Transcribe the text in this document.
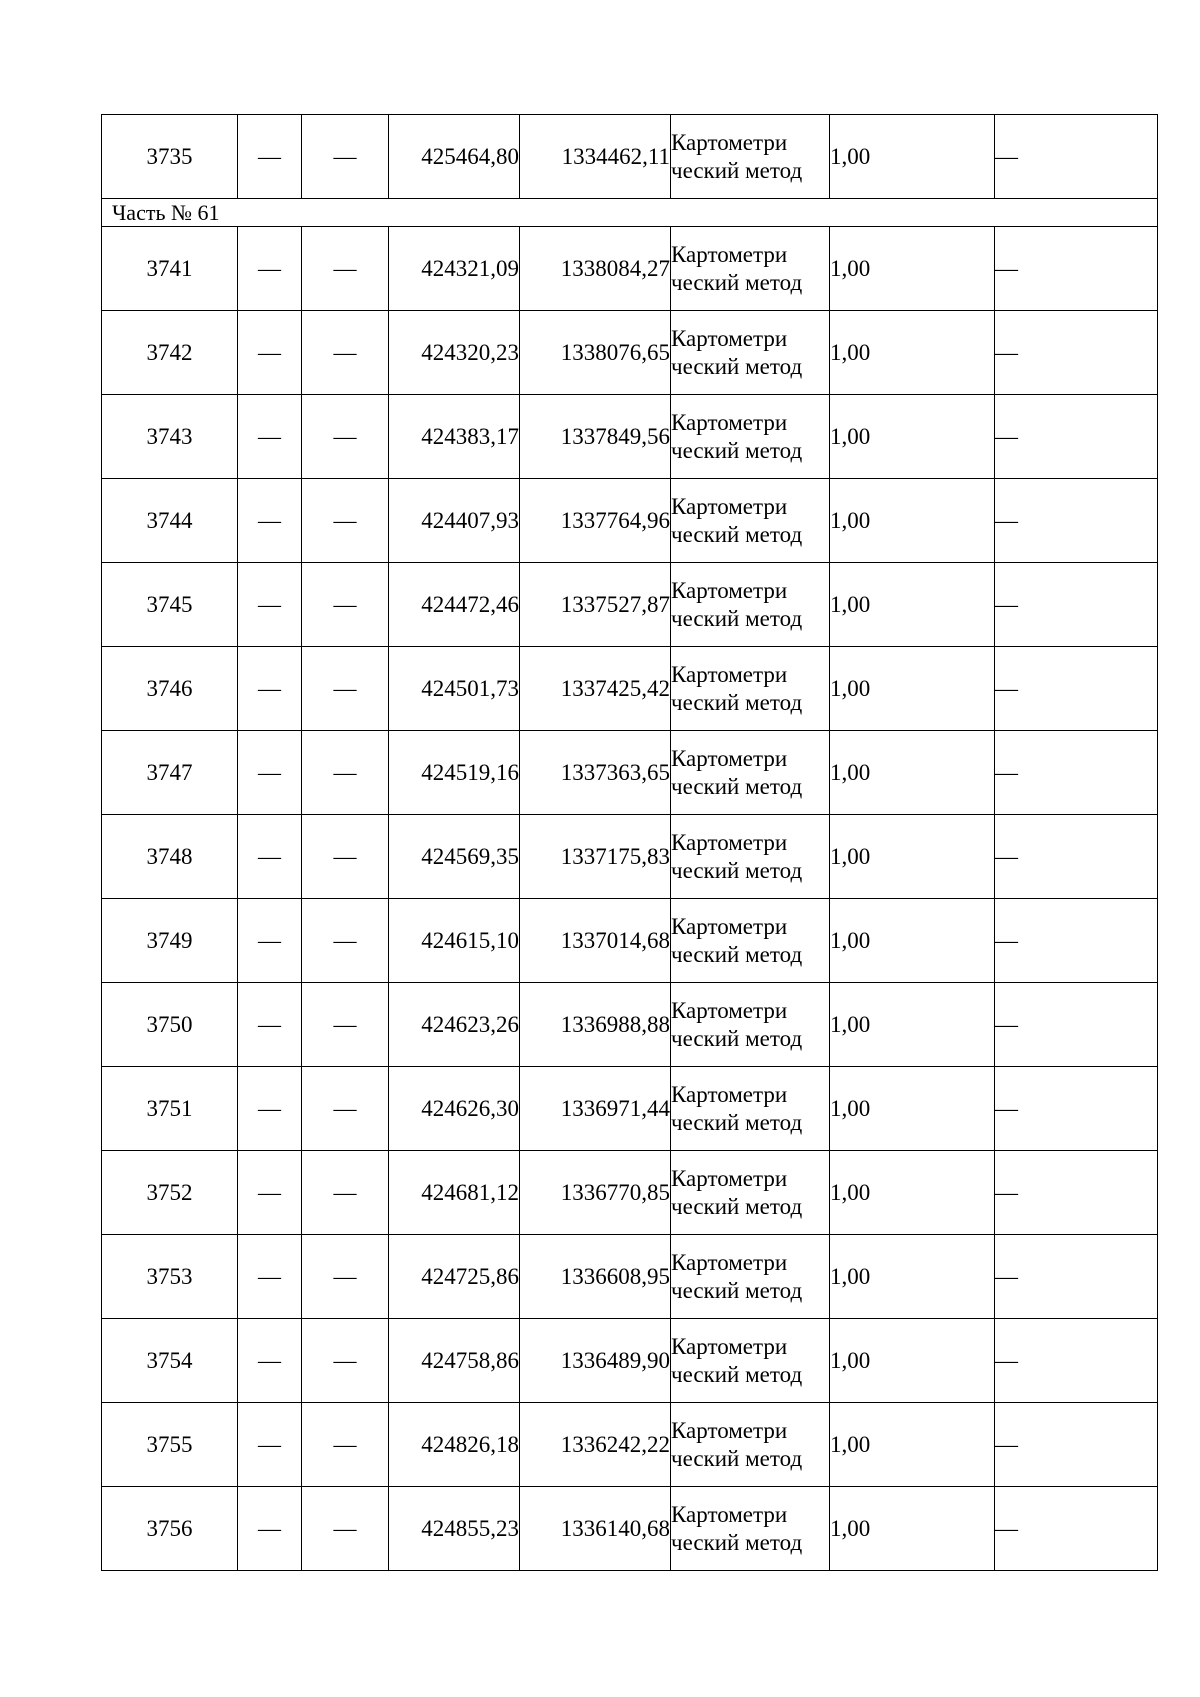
3735	—	—	425464,80	1334462,11	Картометри ческий метод	1,00	—
Часть № 61							
3741	—	—	424321,09	1338084,27	Картометри ческий метод	1,00	—
3742	—	—	424320,23	1338076,65	Картометри ческий метод	1,00	—
3743	—	—	424383,17	1337849,56	Картометри ческий метод	1,00	—
3744	—	—	424407,93	1337764,96	Картометри ческий метод	1,00	—
3745	—	—	424472,46	1337527,87	Картометри ческий метод	1,00	—
3746	—	—	424501,73	1337425,42	Картометри ческий метод	1,00	—
3747	—	—	424519,16	1337363,65	Картометри ческий метод	1,00	—
3748	—	—	424569,35	1337175,83	Картометри ческий метод	1,00	—
3749	—	—	424615,10	1337014,68	Картометри ческий метод	1,00	—
3750	—	—	424623,26	1336988,88	Картометри ческий метод	1,00	—
3751	—	—	424626,30	1336971,44	Картометри ческий метод	1,00	—
3752	—	—	424681,12	1336770,85	Картометри ческий метод	1,00	—
3753	—	—	424725,86	1336608,95	Картометри ческий метод	1,00	—
3754	—	—	424758,86	1336489,90	Картометри ческий метод	1,00	—
3755	—	—	424826,18	1336242,22	Картометри ческий метод	1,00	—
3756	—	—	424855,23	1336140,68	Картометри ческий метод	1,00	—
